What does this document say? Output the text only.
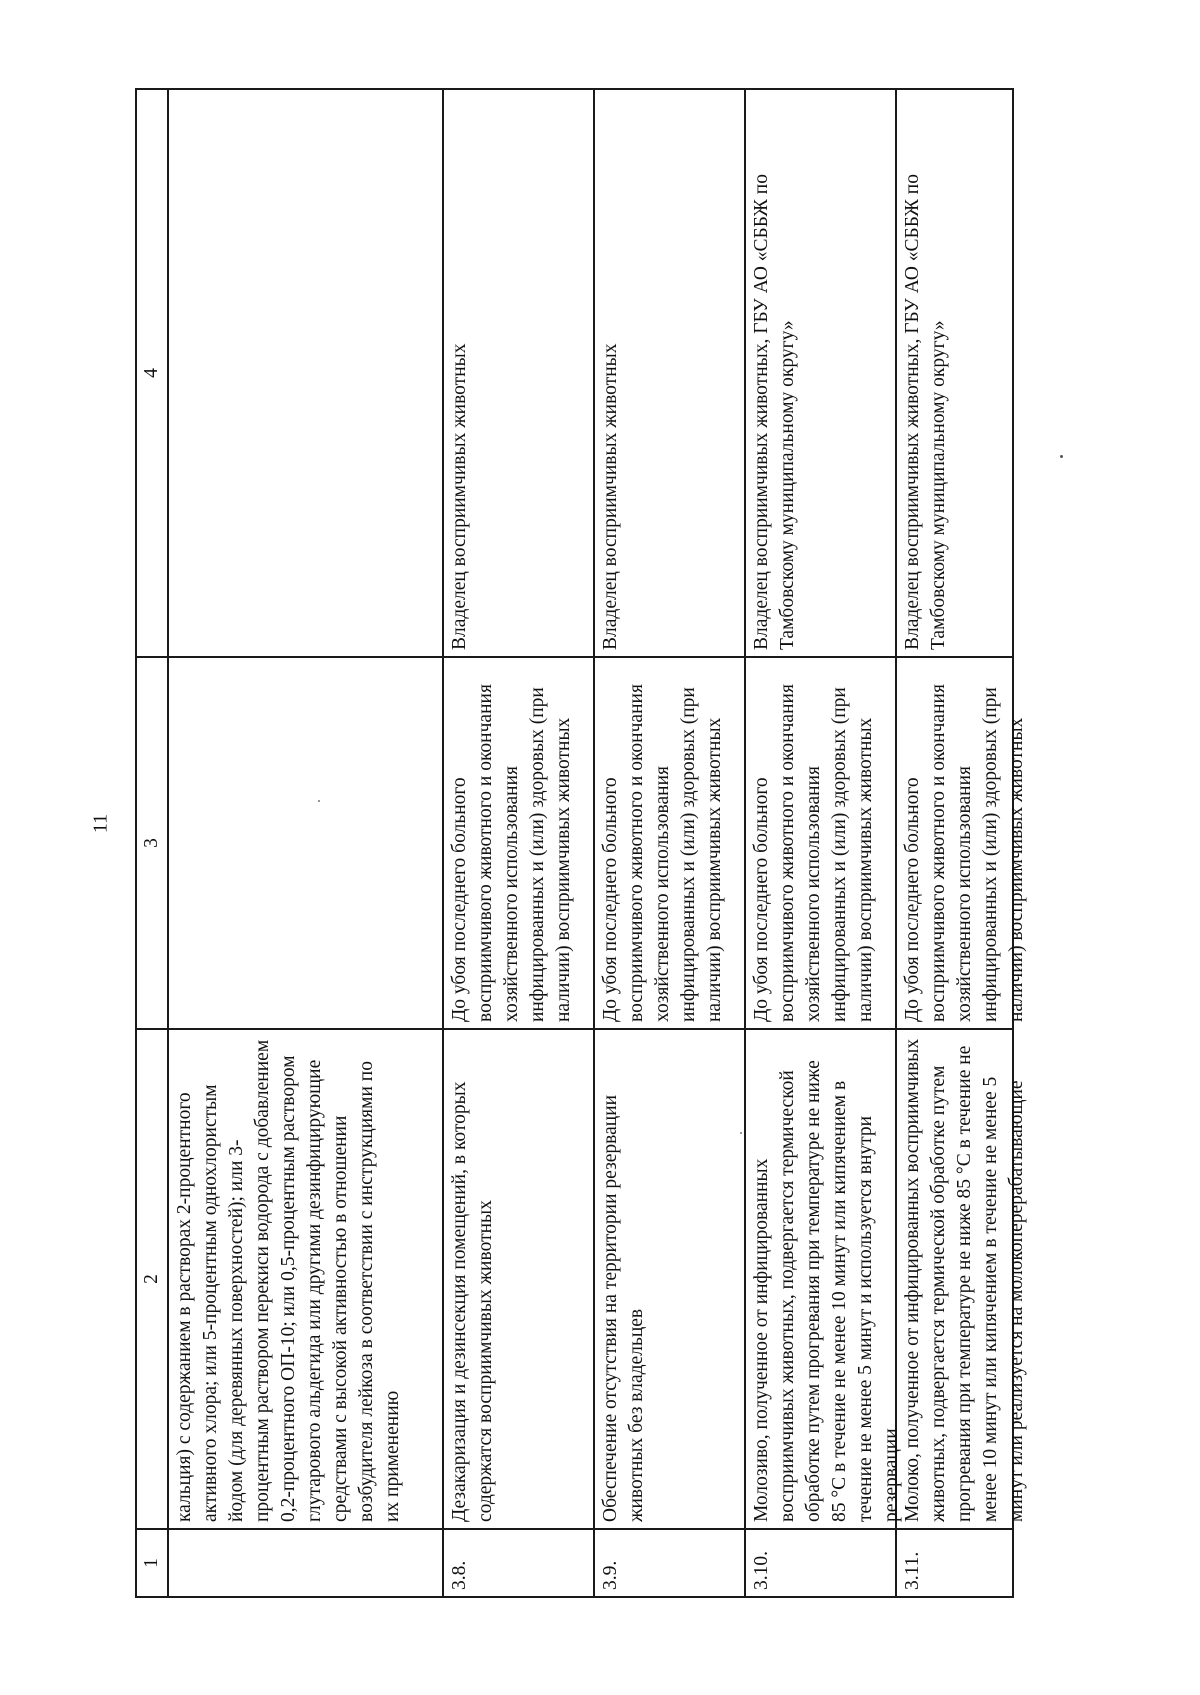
11
1	2	3	4

	кальция) с содержанием в растворах 2-процентного активного хлора; или 5-процентным однохлористым йодом (для деревянных поверхностей); или 3-процентным раствором перекиси водорода с добавлением 0,2-процентного ОП-10; или 0,5-процентным раствором глутарового альдегида или другими дезинфицирующие средствами с высокой активностью в отношении возбудителя лейкоза в соответствии с инструкциями по их применению		

3.8.	Дезакаризация и дезинсекция помещений, в которых содержатся восприимчивых животных	До убоя последнего больного восприимчивого животного и окончания хозяйственного использования инфицированных и (или) здоровых (при наличии) восприимчивых животных	Владелец восприимчивых животных

3.9.	Обеспечение отсутствия на территории резервации животных без владельцев	До убоя последнего больного восприимчивого животного и окончания хозяйственного использования инфицированных и (или) здоровых (при наличии) восприимчивых животных	Владелец восприимчивых животных

3.10.	Молозиво, полученное от инфицированных восприимчивых животных, подвергается термической обработке путем прогревания при температуре не ниже 85 °С в течение не менее 10 минут или кипячением в течение не менее 5 минут и используется внутри резервации	До убоя последнего больного восприимчивого животного и окончания хозяйственного использования инфицированных и (или) здоровых (при наличии) восприимчивых животных	Владелец восприимчивых животных, ГБУ АО «СББЖ по Тамбовскому муниципальному округу»

3.11.	Молоко, полученное от инфицированных восприимчивых животных, подвергается термической обработке путем прогревания при температуре не ниже 85 °С в течение не менее 10 минут или кипячением в течение не менее 5 минут или реализуется на молокоперерабатывающие	До убоя последнего больного восприимчивого животного и окончания хозяйственного использования инфицированных и (или) здоровых (при наличии) восприимчивых животных	Владелец восприимчивых животных, ГБУ АО «СББЖ по Тамбовскому муниципальному округу»
